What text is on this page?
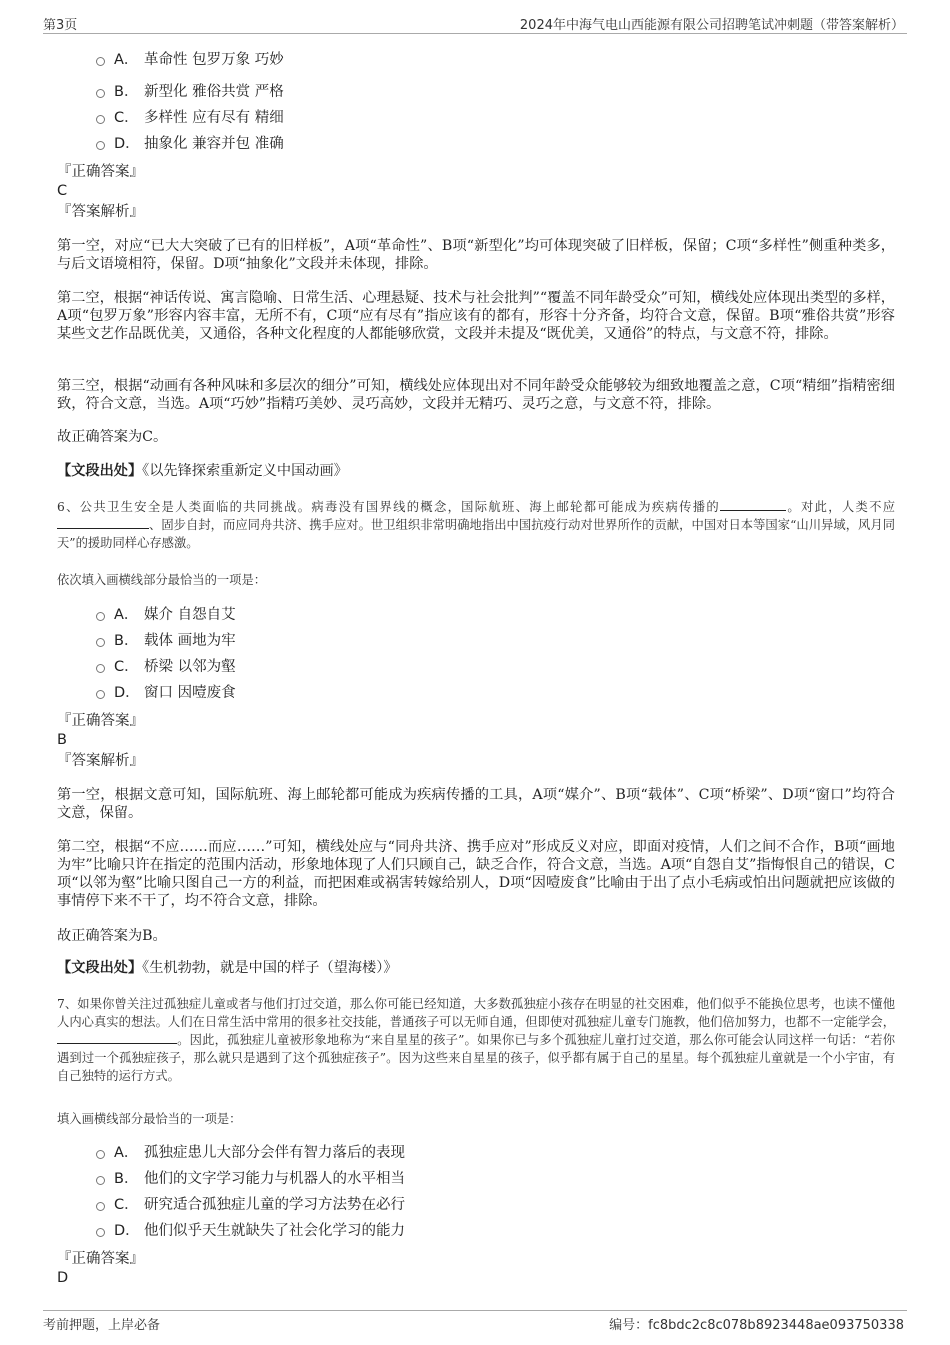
第3页	2024年中海气电山西能源有限公司招聘笔试冲刺题（带答案解析）
A． 革命性 包罗万象 巧妙
B． 新型化 雅俗共赏 严格
C． 多样性 应有尽有 精细
D． 抽象化 兼容并包 准确
『正确答案』
C
『答案解析』
第一空，对应“已大大突破了已有的旧样板”，A项“革命性”、B项“新型化”均可体现突破了旧样板，保留；C项“多样性”侧重种类多，与后文语境相符，保留。D项“抽象化”文段并未体现，排除。
第二空，根据“神话传说、寓言隐喻、日常生活、心理悬疑、技术与社会批判”“覆盖不同年龄受众”可知，横线处应体现出类型的多样，A项“包罗万象”形容内容丰富，无所不有，C项“应有尽有”指应该有的都有，形容十分齐备，均符合文意，保留。B项“雅俗共赏”形容某些文艺作品既优美，又通俗，各种文化程度的人都能够欣赏，文段并未提及“既优美，又通俗”的特点，与文意不符，排除。
第三空，根据“动画有各种风味和多层次的细分”可知，横线处应体现出对不同年龄受众能够较为细致地覆盖之意，C项“精细”指精密细致，符合文意，当选。A项“巧妙”指精巧美妙、灵巧高妙，文段并无精巧、灵巧之意，与文意不符，排除。
故正确答案为C。
【文段出处】《以先锋探索重新定义中国动画》
6、公共卫生安全是人类面临的共同挑战。病毒没有国界线的概念，国际航班、海上邮轮都可能成为疾病传播的	。对此，人类不应、固步自封，而应同舟共济、携手应对。世卫组织非常明确地指出中国抗疫行动对世界所作的贡献，中国对日本等国家“山川异域，风月同天”的援助同样心存感激。
依次填入画横线部分最恰当的一项是：
A． 媒介 自怨自艾
B． 载体 画地为牢
C． 桥梁 以邻为壑
D． 窗口 因噎废食
『正确答案』
B
『答案解析』
第一空，根据文意可知，国际航班、海上邮轮都可能成为疾病传播的工具，A项“媒介”、B项“载体”、C项“桥梁”、D项“窗口”均符合文意，保留。
第二空，根据“不应……而应……”可知，横线处应与“同舟共济、携手应对”形成反义对应，即面对疫情，人们之间不合作，B项“画地为牢”比喻只许在指定的范围内活动，形象地体现了人们只顾自己，缺乏合作，符合文意，当选。A项“自怨自艾”指悔恨自己的错误，C项“以邻为壑”比喻只图自己一方的利益，而把困难或祸害转嫁给别人，D项“因噎废食”比喻由于出了点小毛病或怕出问题就把应该做的事情停下来不干了，均不符合文意，排除。
故正确答案为B。
【文段出处】《生机勃勃，就是中国的样子（望海楼）》
7、如果你曾关注过孤独症儿童或者与他们打过交道，那么你可能已经知道，大多数孤独症小孩存在明显的社交困难，他们似乎不能换位思考，也读不懂他人内心真实的想法。人们在日常生活中常用的很多社交技能，普通孩子可以无师自通，但即使对孤独症儿童专门施教，他们倍加努力，也都不一定能学会，。因此，孤独症儿童被形象地称为“来自星星的孩子”。如果你已与多个孤独症儿童打过交道，那么你可能会认同这样一句话：“若你遇到过一个孤独症孩子，那么就只是遇到了这个孤独症孩子”。因为这些来自星星的孩子，似乎都有属于自己的星星。每个孤独症儿童就是一个小宇宙，有自己独特的运行方式。
填入画横线部分最恰当的一项是：
A． 孤独症患儿大部分会伴有智力落后的表现
B． 他们的文字学习能力与机器人的水平相当
C． 研究适合孤独症儿童的学习方法势在必行
D． 他们似乎天生就缺失了社会化学习的能力
『正确答案』
D
考前押题，上岸必备	编号：fc8bdc2c8c078b8923448ae093750338
